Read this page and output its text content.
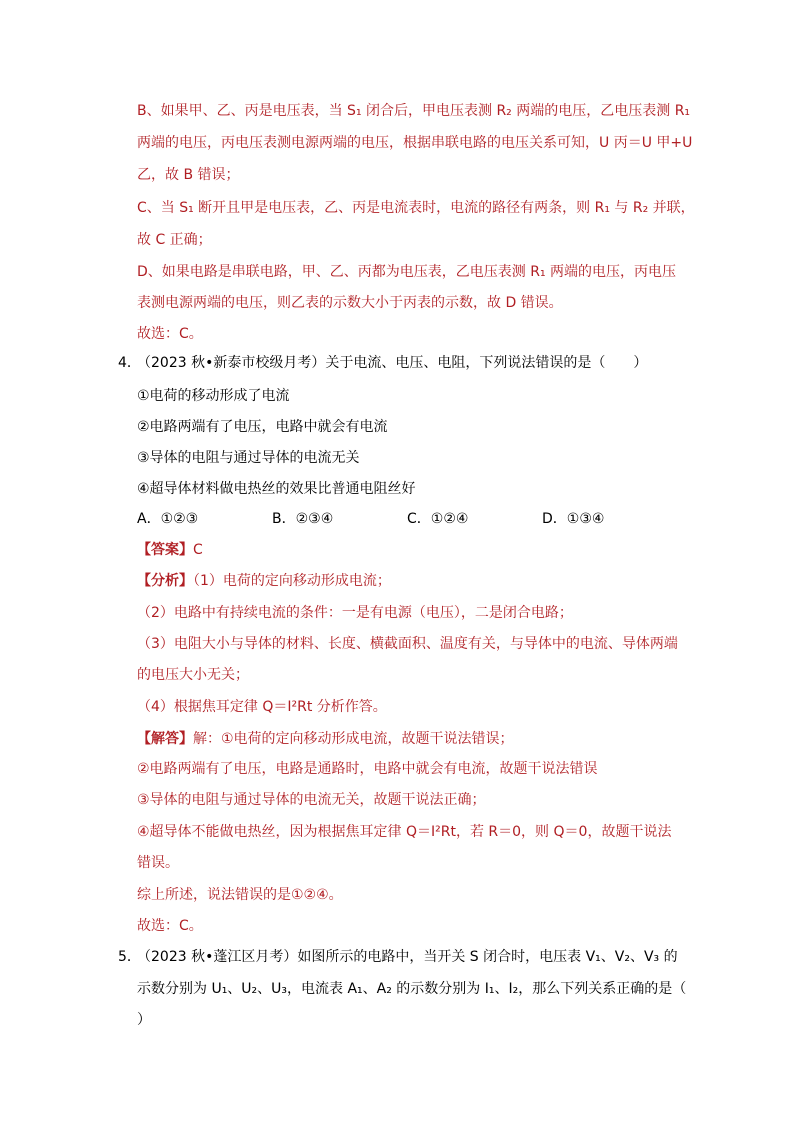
B、如果甲、乙、丙是电压表，当 S₁ 闭合后，甲电压表测 R₂ 两端的电压，乙电压表测 R₁
两端的电压，丙电压表测电源两端的电压，根据串联电路的电压关系可知，U 丙＝U 甲+U
乙，故 B 错误；
C、当 S₁ 断开且甲是电压表，乙、丙是电流表时，电流的路径有两条，则 R₁ 与 R₂ 并联，
故 C 正确；
D、如果电路是串联电路，甲、乙、丙都为电压表，乙电压表测 R₁ 两端的电压，丙电压
表测电源两端的电压，则乙表的示数大小于丙表的示数，故 D 错误。
故选：C。
4．
（2023 秋•新泰市校级月考）关于电流、电压、电阻，下列说法错误的是（　　）
①电荷的移动形成了电流
②电路两端有了电压，电路中就会有电流
③导体的电阻与通过导体的电流无关
④超导体材料做电热丝的效果比普通电阻丝好
A．①②③	B．②③④	C．①②④	D．①③④
【答案】C
【分析】（1）电荷的定向移动形成电流；
（2）电路中有持续电流的条件：一是有电源（电压），二是闭合电路；
（3）电阻大小与导体的材料、长度、横截面积、温度有关，与导体中的电流、导体两端
的电压大小无关；
（4）根据焦耳定律 Q＝I²Rt 分析作答。
【解答】解：①电荷的定向移动形成电流，故题干说法错误；
②电路两端有了电压，电路是通路时，电路中就会有电流，故题干说法错误
③导体的电阻与通过导体的电流无关，故题干说法正确；
④超导体不能做电热丝，因为根据焦耳定律 Q＝I²Rt，若 R＝0，则 Q＝0，故题干说法
错误。
综上所述，说法错误的是①②④。
故选：C。
5．
（2023 秋•蓬江区月考）如图所示的电路中，当开关 S 闭合时，电压表 V₁、V₂、V₃ 的
示数分别为 U₁、U₂、U₃，电流表 A₁、A₂ 的示数分别为 I₁、I₂，那么下列关系正确的是（
）
